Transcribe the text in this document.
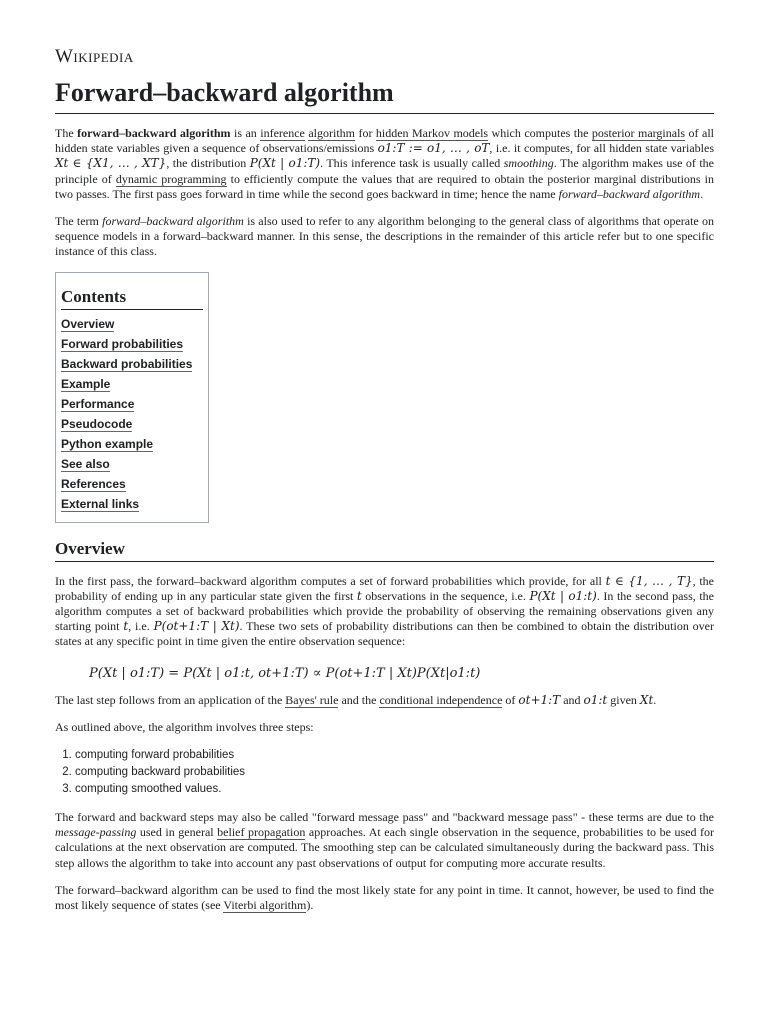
Wikipedia
Forward–backward algorithm

The forward–backward algorithm is an inference algorithm for hidden Markov models which computes the posterior marginals of all hidden state variables given a sequence of observations/emissions o1:T := o1, … , oT, i.e. it computes, for all hidden state variables Xt ∈ {X1, … , XT}, the distribution P(Xt | o1:T). This inference task is usually called smoothing. The algorithm makes use of the principle of dynamic programming to efficiently compute the values that are required to obtain the posterior marginal distributions in two passes. The first pass goes forward in time while the second goes backward in time; hence the name forward–backward algorithm.

The term forward–backward algorithm is also used to refer to any algorithm belonging to the general class of algorithms that operate on sequence models in a forward–backward manner. In this sense, the descriptions in the remainder of this article refer but to one specific instance of this class.

Contents
Overview
Forward probabilities
Backward probabilities
Example
Performance
Pseudocode
Python example
See also
References
External links
Overview

In the first pass, the forward–backward algorithm computes a set of forward probabilities which provide, for all t ∈ {1, … , T}, the probability of ending up in any particular state given the first t observations in the sequence, i.e. P(Xt | o1:t). In the second pass, the algorithm computes a set of backward probabilities which provide the probability of observing the remaining observations given any starting point t, i.e. P(ot+1:T | Xt). These two sets of probability distributions can then be combined to obtain the distribution over states at any specific point in time given the entire observation sequence:

P(Xt | o1:T) = P(Xt | o1:t, ot+1:T) ∝ P(ot+1:T | Xt)P(Xt|o1:t)

The last step follows from an application of the Bayes' rule and the conditional independence of ot+1:T and o1:t given Xt.

As outlined above, the algorithm involves three steps:

1. computing forward probabilities
2. computing backward probabilities
3. computing smoothed values.

The forward and backward steps may also be called "forward message pass" and "backward message pass" - these terms are due to the message-passing used in general belief propagation approaches. At each single observation in the sequence, probabilities to be used for calculations at the next observation are computed. The smoothing step can be calculated simultaneously during the backward pass. This step allows the algorithm to take into account any past observations of output for computing more accurate results.

The forward–backward algorithm can be used to find the most likely state for any point in time. It cannot, however, be used to find the most likely sequence of states (see Viterbi algorithm).
